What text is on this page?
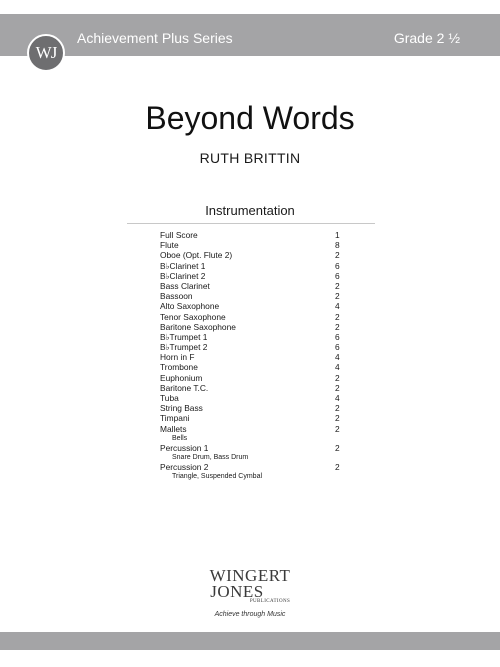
WJ
Achievement Plus Series	Grade 2 ½
Beyond Words
RUTH BRITTIN
Instrumentation
Full Score	1
Flute	8
Oboe (Opt. Flute 2)	2
B♭Clarinet 1	6
B♭Clarinet 2	6
Bass Clarinet	2
Bassoon	2
Alto Saxophone	4
Tenor Saxophone	2
Baritone Saxophone	2
B♭Trumpet 1	6
B♭Trumpet 2	6
Horn in F	4
Trombone	4
Euphonium	2
Baritone T.C.	2
Tuba	4
String Bass	2
Timpani	2
Mallets	2
Bells
Percussion 1	2
Snare Drum, Bass Drum
Percussion 2	2
Triangle, Suspended Cymbal
WINGERT
JONES
PUBLICATIONS
Achieve through Music
